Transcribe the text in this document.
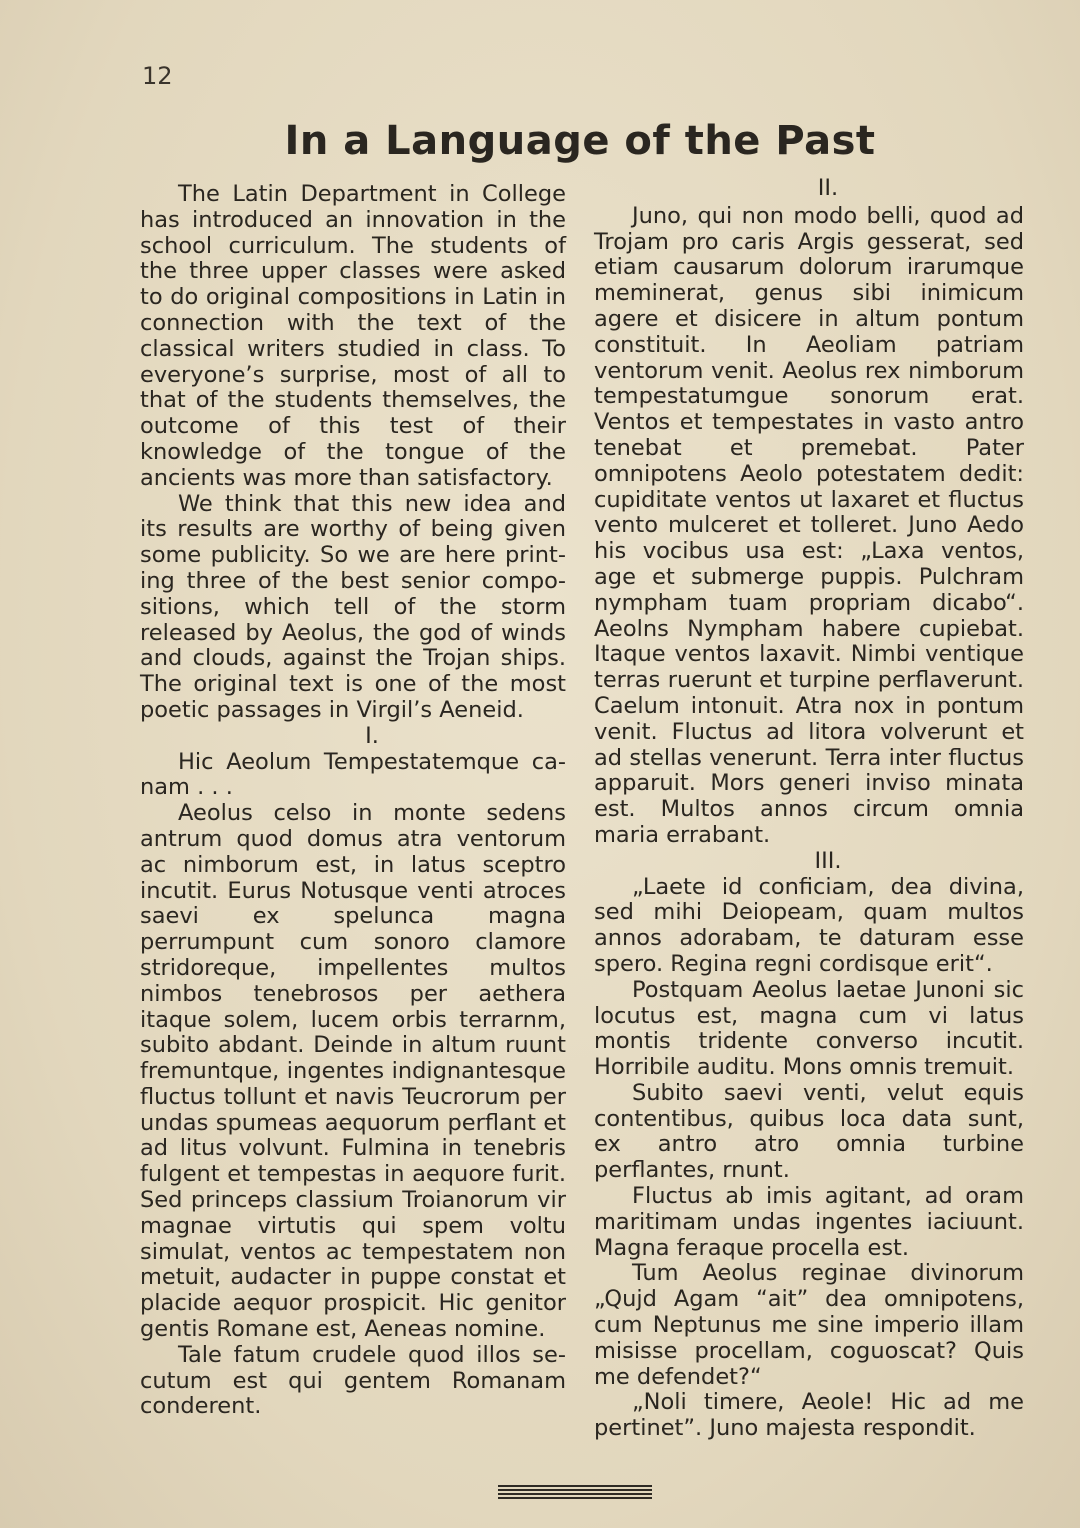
12
In a Language of the Past

The Latin Department in College has introduced an innovation in the school curriculum. The students of the three upper classes were asked to do original compositions in Latin in connection with the text of the classical writers studied in class. To everyone’s surprise, most of all to that of the students themselves, the outcome of this test of their knowledge of the tongue of the ancients was more than satisfactory.

We think that this new idea and its results are worthy of being given some publicity. So we are here printing three of the best senior compositions, which tell of the storm released by Aeolus, the god of winds and clouds, against the Trojan ships. The original text is one of the most poetic passages in Virgil’s Aeneid.

I.

Hic Aeolum Tempestatemque canam . . .

Aeolus celso in monte sedens antrum quod domus atra ventorum ac nimborum est, in latus sceptro incutit. Eurus Notusque venti atroces saevi ex spelunca magna perrumpunt cum sonoro clamore stridoreque, impellentes multos nimbos tenebrosos per aethera itaque solem, lucem orbis terrarnm, subito abdant. Deinde in altum ruunt fremuntque, ingentes indignantesque fluctus tollunt et navis Teucrorum per undas spumeas aequorum perflant et ad litus volvunt. Fulmina in tenebris fulgent et tempestas in aequore furit. Sed princeps classium Troianorum vir magnae virtutis qui spem voltu simulat, ventos ac tempestatem non metuit, audacter in puppe constat et placide aequor prospicit. Hic genitor gentis Romane est, Aeneas nomine.

Tale fatum crudele quod illos secutum est qui gentem Romanam conderent.

II.

Juno, qui non modo belli, quod ad Trojam pro caris Argis gesserat, sed etiam causarum dolorum irarumque meminerat, genus sibi inimicum agere et disicere in altum pontum constituit. In Aeoliam patriam ventorum venit. Aeolus rex nimborum tempestatumgue sonorum erat. Ventos et tempestates in vasto antro tenebat et premebat. Pater omnipotens Aeolo potestatem dedit: cupiditate ventos ut laxaret et fluctus vento mulceret et tolleret. Juno Aedo his vocibus usa est: „Laxa ventos, age et submerge puppis. Pulchram nympham tuam propriam dicabo“. Aeolns Nympham habere cupiebat. Itaque ventos laxavit. Nimbi ventique terras ruerunt et turpine perflaverunt. Caelum intonuit. Atra nox in pontum venit. Fluctus ad litora volverunt et ad stellas venerunt. Terra inter fluctus apparuit. Mors generi inviso minata est. Multos annos circum omnia maria errabant.

III.

„Laete id conficiam, dea divina, sed mihi Deiopeam, quam multos annos adorabam, te daturam esse spero. Regina regni cordisque erit“.

Postquam Aeolus laetae Junoni sic locutus est, magna cum vi latus montis tridente converso incutit. Horribile auditu. Mons omnis tremuit.

Subito saevi venti, velut equis contentibus, quibus loca data sunt, ex antro atro omnia turbine perflantes, rnunt.

Fluctus ab imis agitant, ad oram maritimam undas ingentes iaciuunt. Magna feraque procella est.

Tum Aeolus reginae divinorum „Qujd Agam “ait” dea omnipotens, cum Neptunus me sine imperio illam misisse procellam, coguoscat? Quis me defendet?“

„Noli timere, Aeole! Hic ad me pertinet”. Juno majesta respondit.
